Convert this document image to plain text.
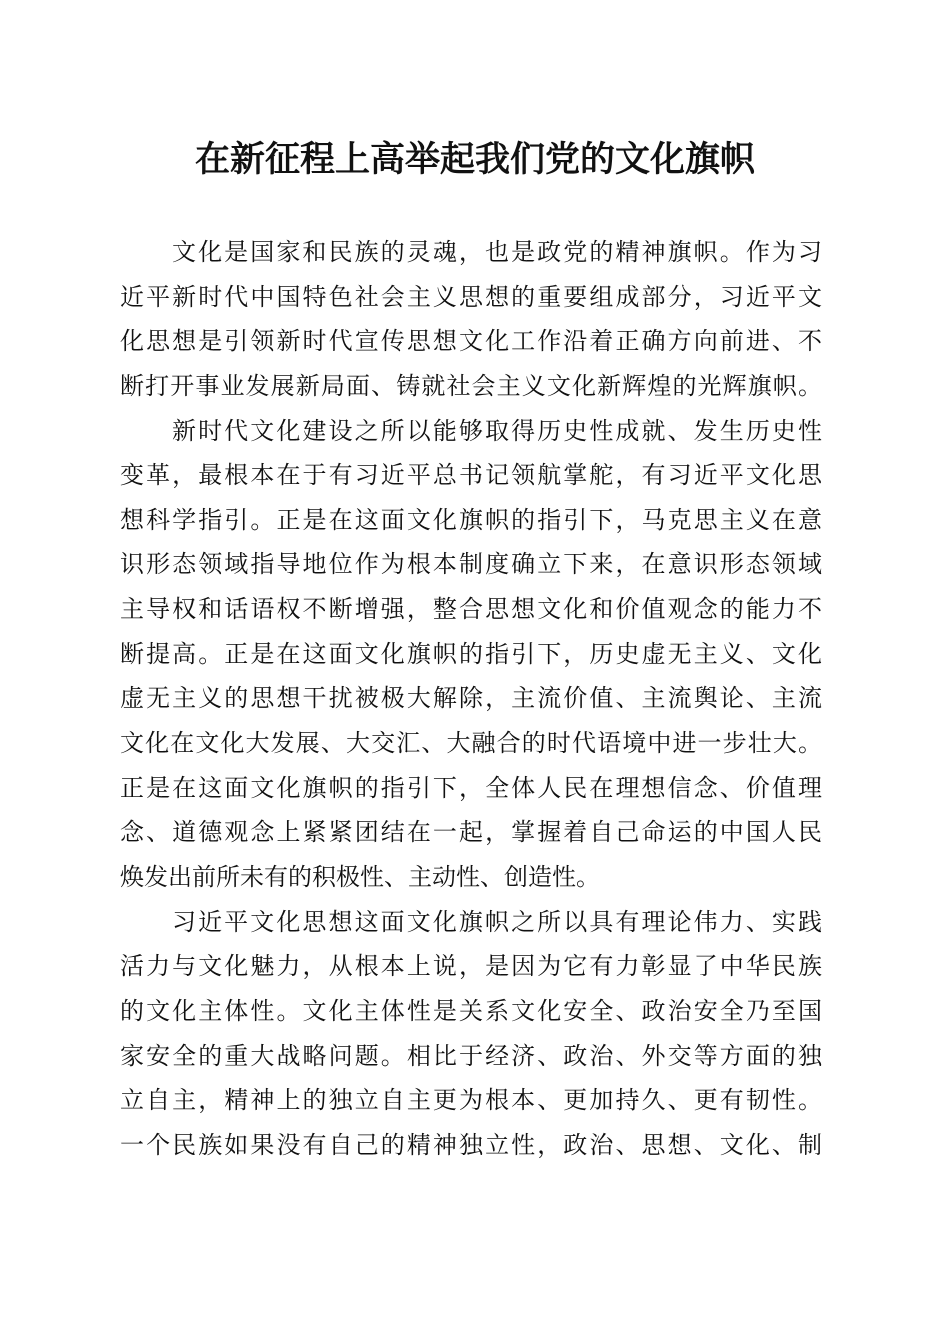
在新征程上高举起我们党的文化旗帜
文化是国家和民族的灵魂，也是政党的精神旗帜。作为习
近平新时代中国特色社会主义思想的重要组成部分，习近平文
化思想是引领新时代宣传思想文化工作沿着正确方向前进、不
断打开事业发展新局面、铸就社会主义文化新辉煌的光辉旗帜。
新时代文化建设之所以能够取得历史性成就、发生历史性
变革，最根本在于有习近平总书记领航掌舵，有习近平文化思
想科学指引。正是在这面文化旗帜的指引下，马克思主义在意
识形态领域指导地位作为根本制度确立下来，在意识形态领域
主导权和话语权不断增强，整合思想文化和价值观念的能力不
断提高。正是在这面文化旗帜的指引下，历史虚无主义、文化
虚无主义的思想干扰被极大解除，主流价值、主流舆论、主流
文化在文化大发展、大交汇、大融合的时代语境中进一步壮大。
正是在这面文化旗帜的指引下，全体人民在理想信念、价值理
念、道德观念上紧紧团结在一起，掌握着自己命运的中国人民
焕发出前所未有的积极性、主动性、创造性。
习近平文化思想这面文化旗帜之所以具有理论伟力、实践
活力与文化魅力，从根本上说，是因为它有力彰显了中华民族
的文化主体性。文化主体性是关系文化安全、政治安全乃至国
家安全的重大战略问题。相比于经济、政治、外交等方面的独
立自主，精神上的独立自主更为根本、更加持久、更有韧性。
一个民族如果没有自己的精神独立性，政治、思想、文化、制
